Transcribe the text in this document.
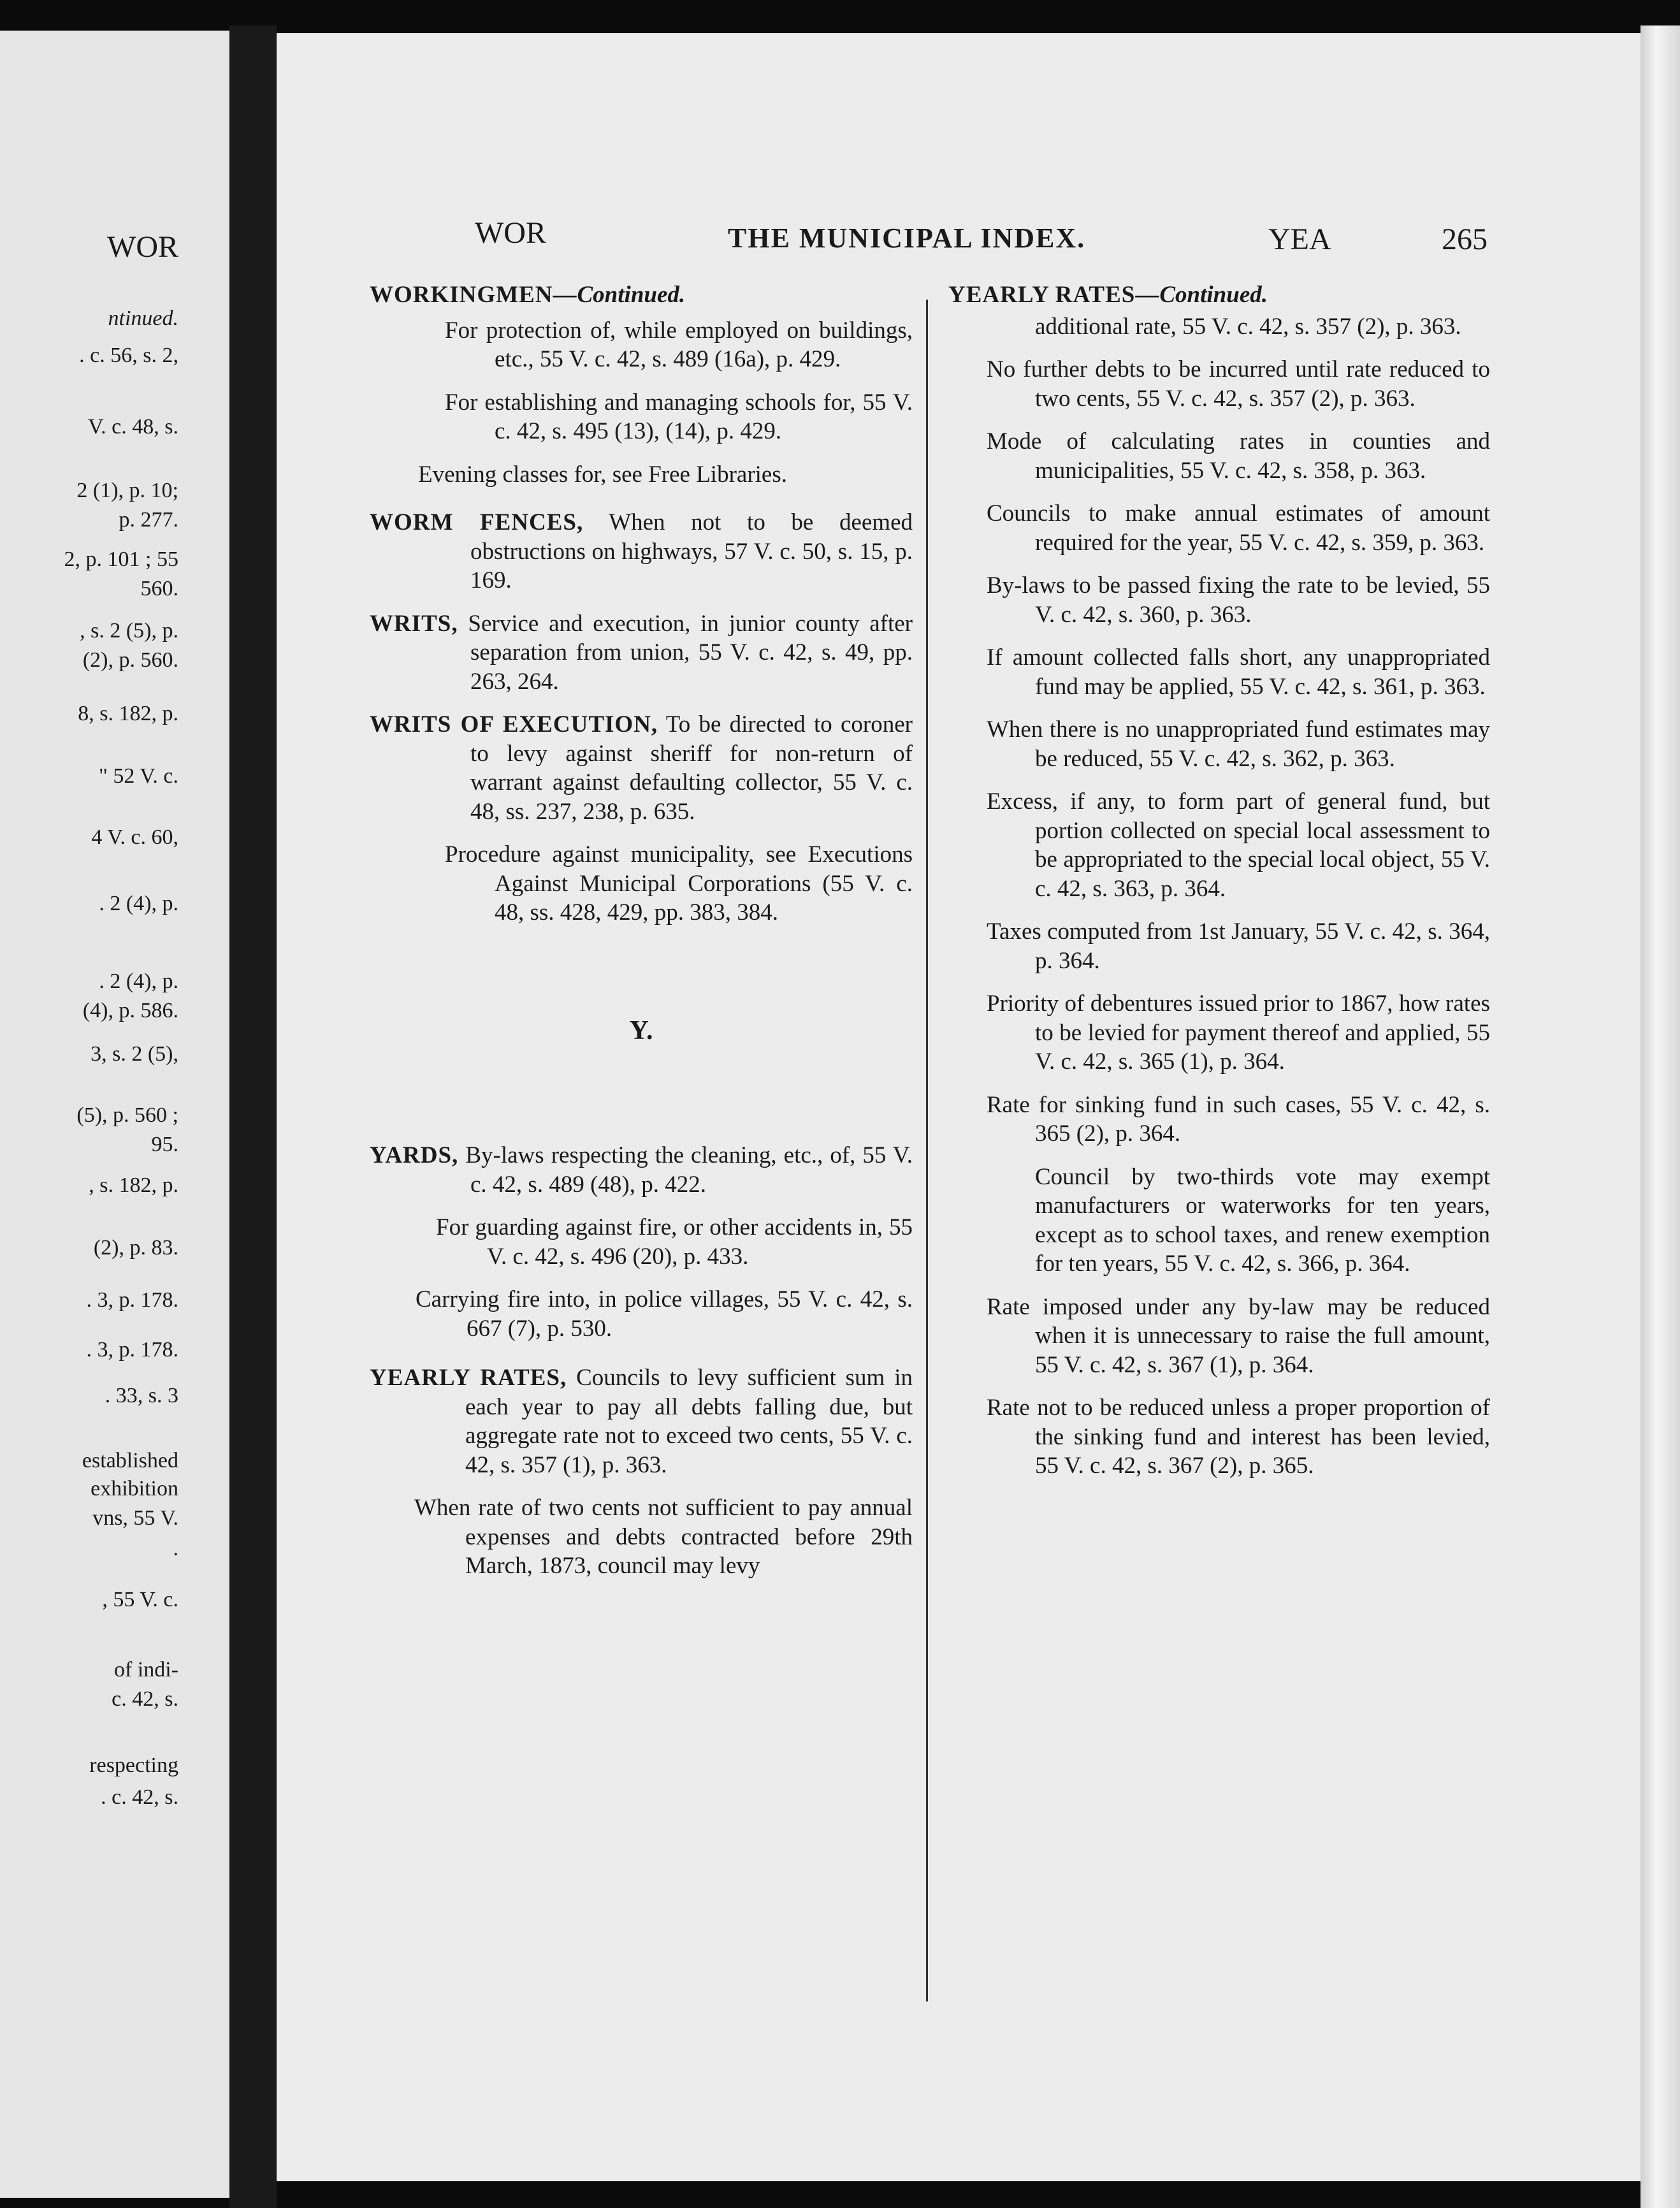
WOR
ntinued.
. c. 56, s. 2,
V. c. 48, s.
2 (1), p. 10;
p. 277.
2, p. 101 ; 55
560.
, s. 2 (5), p.
(2), p. 560.
8, s. 182, p.
" 52 V. c.
4 V. c. 60,
. 2 (4), p.
. 2 (4), p.
(4), p. 586.
3, s. 2 (5),
(5), p. 560 ;
95.
, s. 182, p.
(2), p. 83.
. 3, p. 178.
. 3, p. 178.
. 33, s. 3
established
exhibition
vns, 55 V.
.
, 55 V. c.
of indi-
c. 42, s.
respecting
. c. 42, s.
WOR	THE MUNICIPAL INDEX.	YEA	265
WORKINGMEN—Continued.
For protection of, while employed on buildings, etc., 55 V. c. 42, s. 489 (16a), p. 429.
For establishing and managing schools for, 55 V. c. 42, s. 495 (13), (14), p. 429.
Evening classes for, see Free Libraries.
WORM FENCES, When not to be deemed obstructions on highways, 57 V. c. 50, s. 15, p. 169.
WRITS, Service and execution, in junior county after separation from union, 55 V. c. 42, s. 49, pp. 263, 264.
WRITS OF EXECUTION, To be directed to coroner to levy against sheriff for non-return of warrant against defaulting collector, 55 V. c. 48, ss. 237, 238, p. 635.
Procedure against municipality, see Executions Against Municipal Corporations (55 V. c. 48, ss. 428, 429, pp. 383, 384.
Y.
YARDS, By-laws respecting the cleaning, etc., of, 55 V. c. 42, s. 489 (48), p. 422.
For guarding against fire, or other accidents in, 55 V. c. 42, s. 496 (20), p. 433.
Carrying fire into, in police villages, 55 V. c. 42, s. 667 (7), p. 530.
YEARLY RATES, Councils to levy sufficient sum in each year to pay all debts falling due, but aggregate rate not to exceed two cents, 55 V. c. 42, s. 357 (1), p. 363.
When rate of two cents not sufficient to pay annual expenses and debts contracted before 29th March, 1873, council may levy
YEARLY RATES—Continued.
additional rate, 55 V. c. 42, s. 357 (2), p. 363.
No further debts to be incurred until rate reduced to two cents, 55 V. c. 42, s. 357 (2), p. 363.
Mode of calculating rates in counties and municipalities, 55 V. c. 42, s. 358, p. 363.
Councils to make annual estimates of amount required for the year, 55 V. c. 42, s. 359, p. 363.
By-laws to be passed fixing the rate to be levied, 55 V. c. 42, s. 360, p. 363.
If amount collected falls short, any unappropriated fund may be applied, 55 V. c. 42, s. 361, p. 363.
When there is no unappropriated fund estimates may be reduced, 55 V. c. 42, s. 362, p. 363.
Excess, if any, to form part of general fund, but portion collected on special local assessment to be appropriated to the special local object, 55 V. c. 42, s. 363, p. 364.
Taxes computed from 1st January, 55 V. c. 42, s. 364, p. 364.
Priority of debentures issued prior to 1867, how rates to be levied for payment thereof and applied, 55 V. c. 42, s. 365 (1), p. 364.
Rate for sinking fund in such cases, 55 V. c. 42, s. 365 (2), p. 364.
Council by two-thirds vote may exempt manufacturers or waterworks for ten years, except as to school taxes, and renew exemption for ten years, 55 V. c. 42, s. 366, p. 364.
Rate imposed under any by-law may be reduced when it is unnecessary to raise the full amount, 55 V. c. 42, s. 367 (1), p. 364.
Rate not to be reduced unless a proper proportion of the sinking fund and interest has been levied, 55 V. c. 42, s. 367 (2), p. 365.
